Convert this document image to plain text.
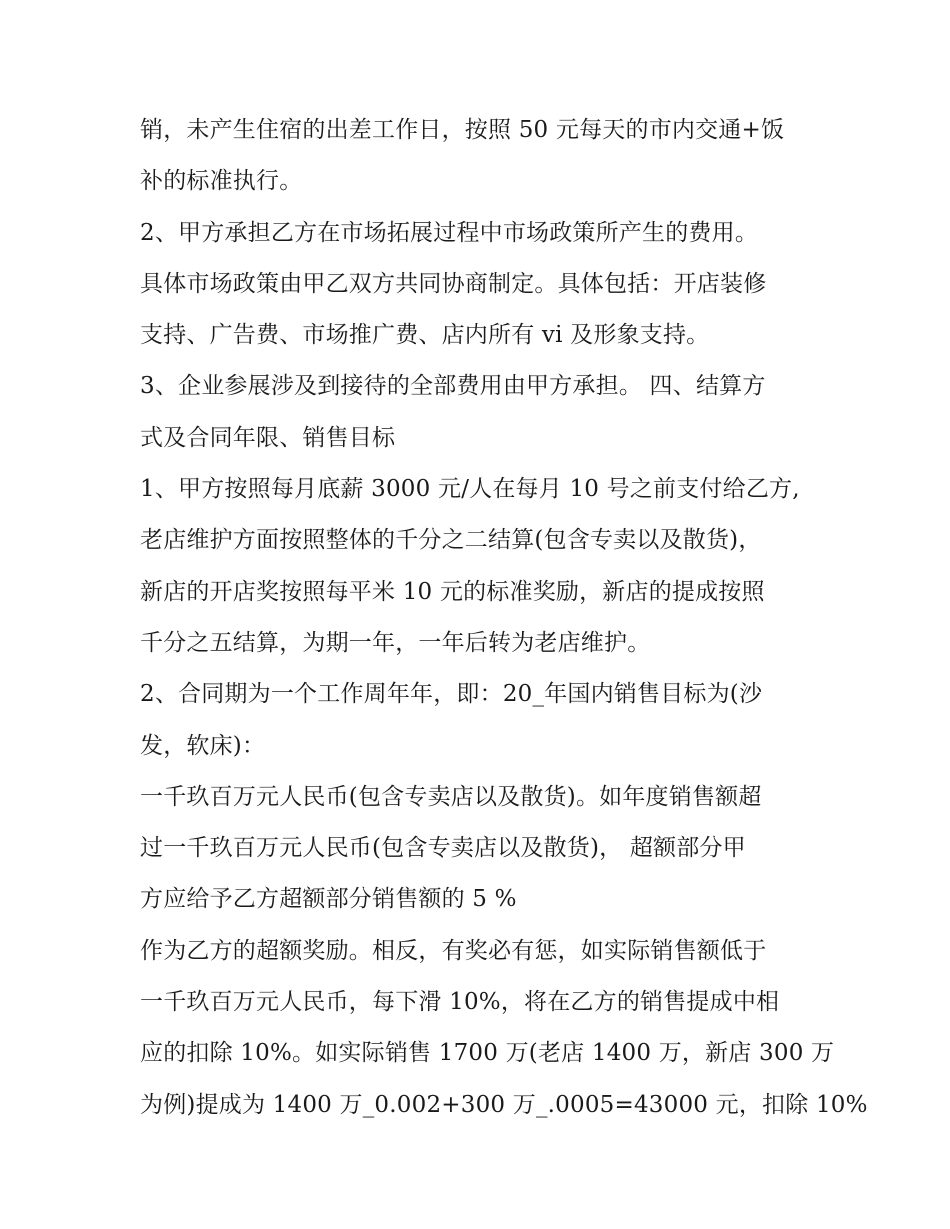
销，未产生住宿的出差工作日，按照 50 元每天的市内交通+饭
补的标准执行。
2、甲方承担乙方在市场拓展过程中市场政策所产生的费用。
具体市场政策由甲乙双方共同协商制定。具体包括：开店装修
支持、广告费、市场推广费、店内所有 vi 及形象支持。
3、企业参展涉及到接待的全部费用由甲方承担。 四、结算方
式及合同年限、销售目标
1、甲方按照每月底薪 3000 元/人在每月 10 号之前支付给乙方,
老店维护方面按照整体的千分之二结算(包含专卖以及散货)，
新店的开店奖按照每平米 10 元的标准奖励，新店的提成按照
千分之五结算，为期一年，一年后转为老店维护。
2、合同期为一个工作周年年，即：20_年国内销售目标为(沙
发，软床)：
一千玖百万元人民币(包含专卖店以及散货)。如年度销售额超
过一千玖百万元人民币(包含专卖店以及散货)， 超额部分甲
方应给予乙方超额部分销售额的 5 %
作为乙方的超额奖励。相反，有奖必有惩，如实际销售额低于
一千玖百万元人民币，每下滑 10%，将在乙方的销售提成中相
应的扣除 10%。如实际销售 1700 万(老店 1400 万，新店 300 万
为例)提成为 1400 万_0.002+300 万_.0005=43000 元，扣除 10%
